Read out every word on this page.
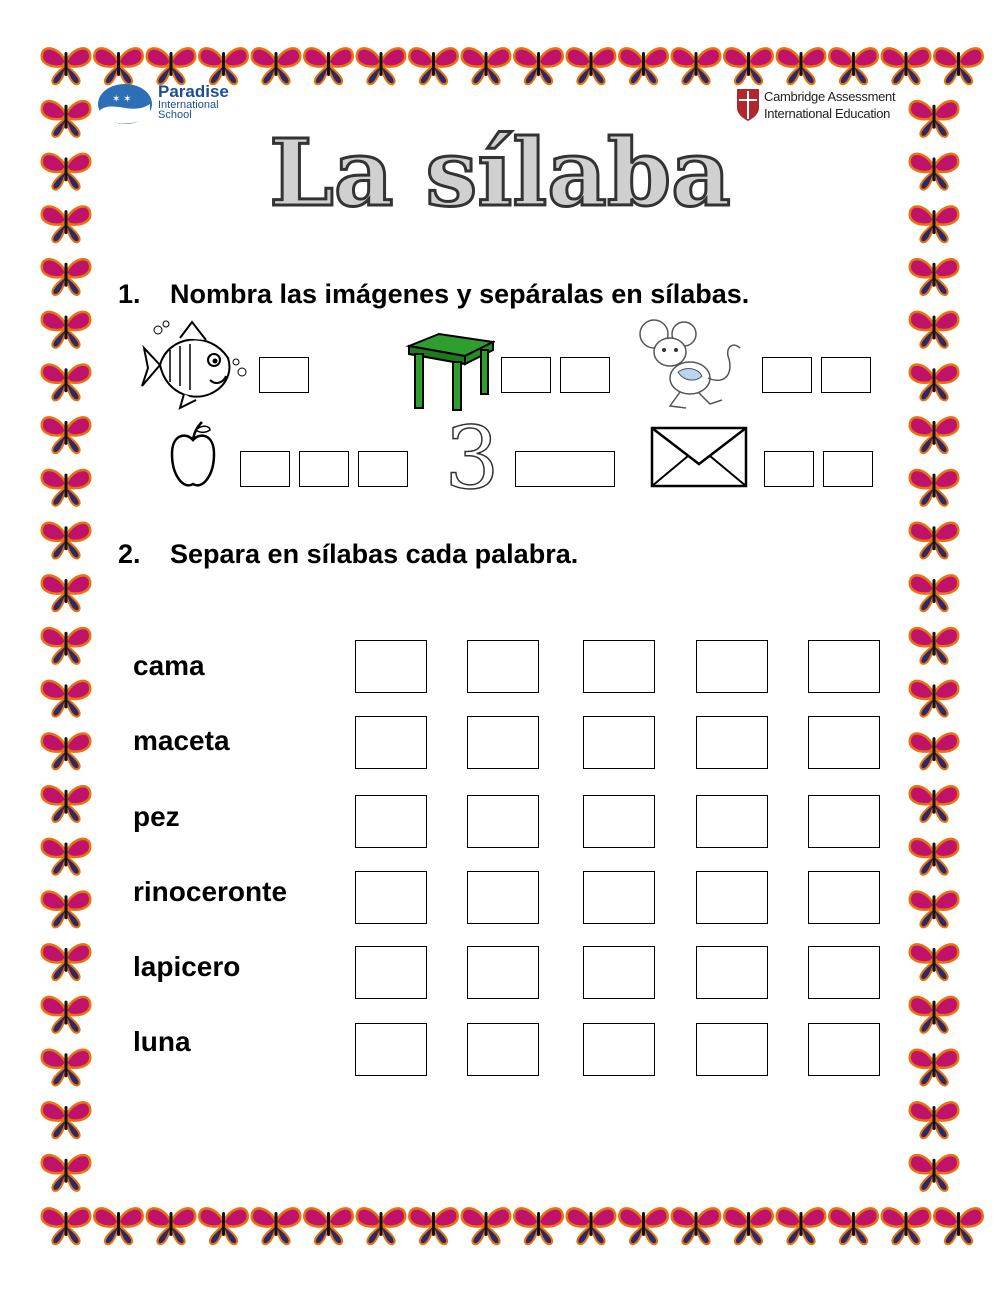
✶ ✶ Paradise
International
School
Cambridge Assessment
International Education
La sílaba
1. Nombra las imágenes y sepáralas en sílabas.
3
2. Separa en sílabas cada palabra.
cama
maceta
pez
rinoceronte
lapicero
luna
